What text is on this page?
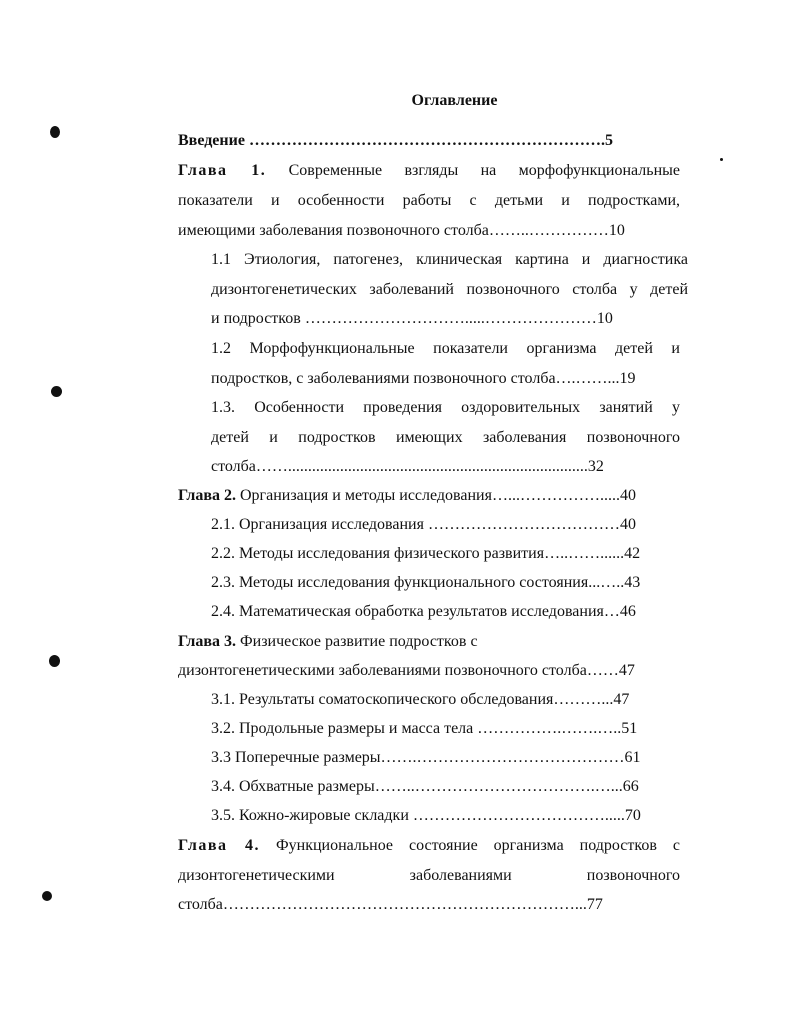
Оглавление
Введение ………………………………………………………….5
Глава 1. Современные взгляды на морфофункциональные
показатели и особенности работы с детьми и подростками,
имеющими заболевания позвоночного столба……..……………10
1.1 Этиология, патогенез, клиническая картина и диагностика
дизонтогенетических заболеваний позвоночного столба у детей
и подростков ………………………….....…………………10
1.2 Морфофункциональные показатели организма детей и
подростков, с заболеваниями позвоночного столба….……...19
1.3. Особенности проведения оздоровительных занятий у
детей и подростков имеющих заболевания позвоночного
столба……...........................................................................32
Глава 2. Организация и методы исследования…...…………….....40
2.1. Организация исследования ………………………………40
2.2. Методы исследования физического развития…..……......42
2.3. Методы исследования функционального состояния...…..43
2.4. Математическая обработка результатов исследования…46
Глава 3. Физическое развитие подростков с
дизонтогенетическими заболеваниями позвоночного столба……47
3.1. Результаты соматоскопического обследования………...47
3.2. Продольные размеры и масса тела …………….…….…..51
3.3 Поперечные размеры…….…………………………………61
3.4. Обхватные размеры……..…………………………….…...66
3.5. Кожно-жировые складки ……………………………….....70
Глава 4. Функциональное состояние организма подростков с
дизонтогенетическими	заболеваниями	позвоночного
столба…………………………………………………………...77
